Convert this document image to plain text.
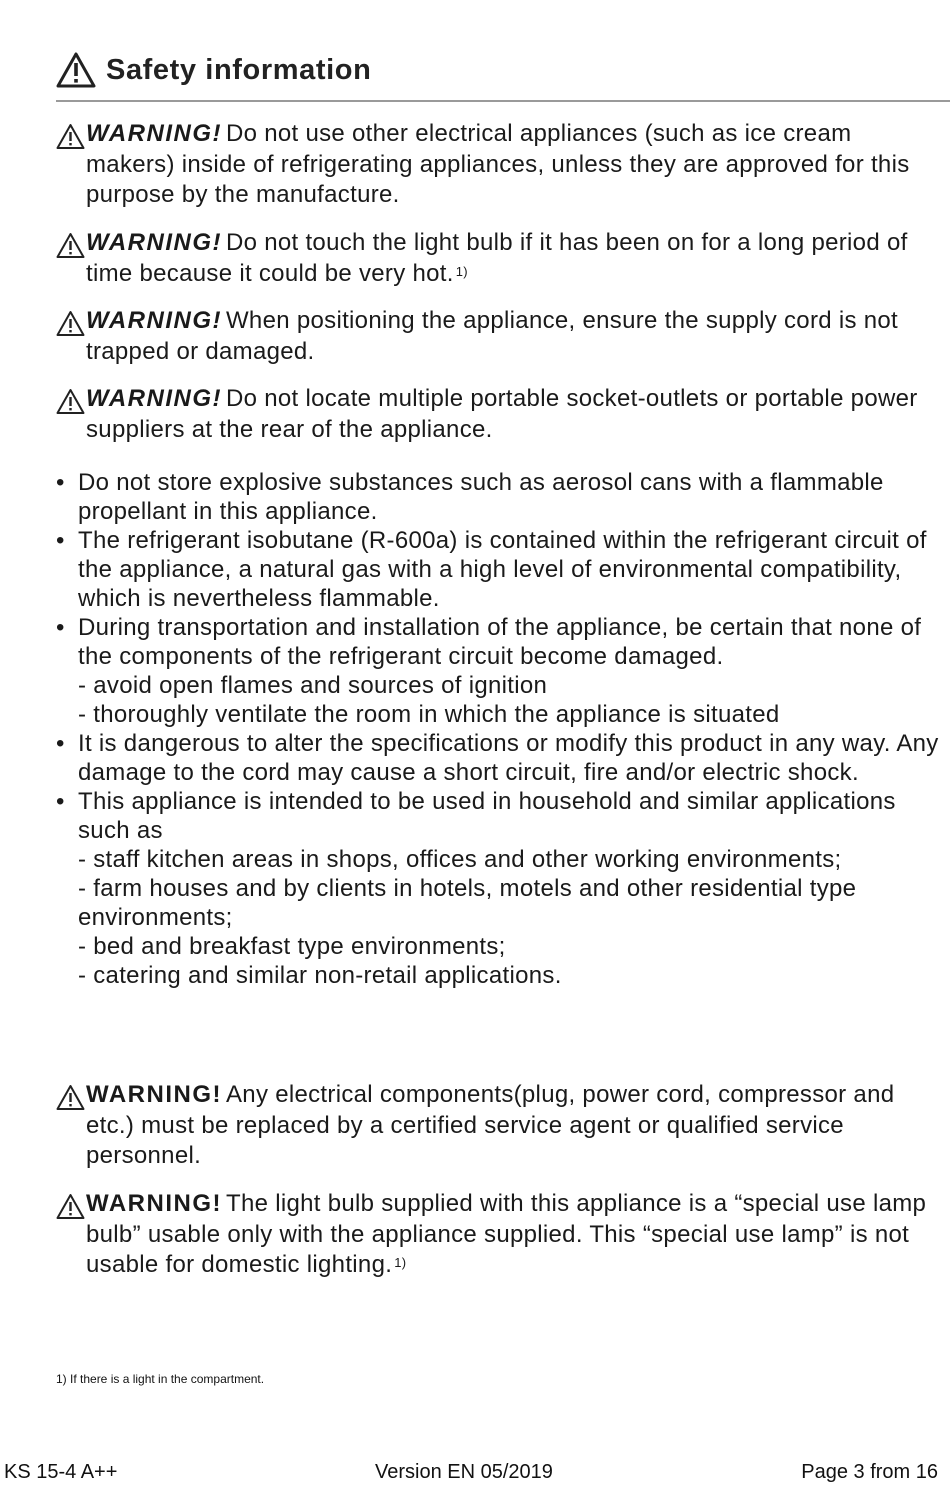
Safety information
WARNING! Do not use other electrical appliances (such as ice cream makers) inside of refrigerating appliances, unless they are approved for this purpose by the manufacture.
WARNING! Do not touch the light bulb if it has been on for a long period of time because it could be very hot. $^{1)}$
WARNING! When positioning the appliance, ensure the supply cord is not trapped or damaged.
WARNING! Do not locate multiple portable socket-outlets or portable power suppliers at the rear of the appliance.
• Do not store explosive substances such as aerosol cans with a flammable propellant in this appliance.
• The refrigerant isobutane (R-600a) is contained within the refrigerant circuit of the appliance, a natural gas with a high level of environmental compatibility, which is nevertheless flammable.
• During transportation and installation of the appliance, be certain that none of the components of the refrigerant circuit become damaged.
- avoid open flames and sources of ignition
- thoroughly ventilate the room in which the appliance is situated
• It is dangerous to alter the specifications or modify this product in any way. Any damage to the cord may cause a short circuit, fire and/or electric shock.
• This appliance is intended to be used in household and similar applications such as
- staff kitchen areas in shops, offices and other working environments;
- farm houses and by clients in hotels, motels and other residential type environments;
- bed and breakfast type environments;
- catering and similar non-retail applications.
WARNING! Any electrical components(plug, power cord, compressor and etc.) must be replaced by a certified service agent or qualified service personnel.
WARNING! The light bulb supplied with this appliance is a “special use lamp bulb” usable only with the appliance supplied. This “special use lamp” is not usable for domestic lighting. $^{1)}$
1) If there is a light in the compartment.
KS 15-4 A++	Version EN 05/2019	Page 3 from 16
